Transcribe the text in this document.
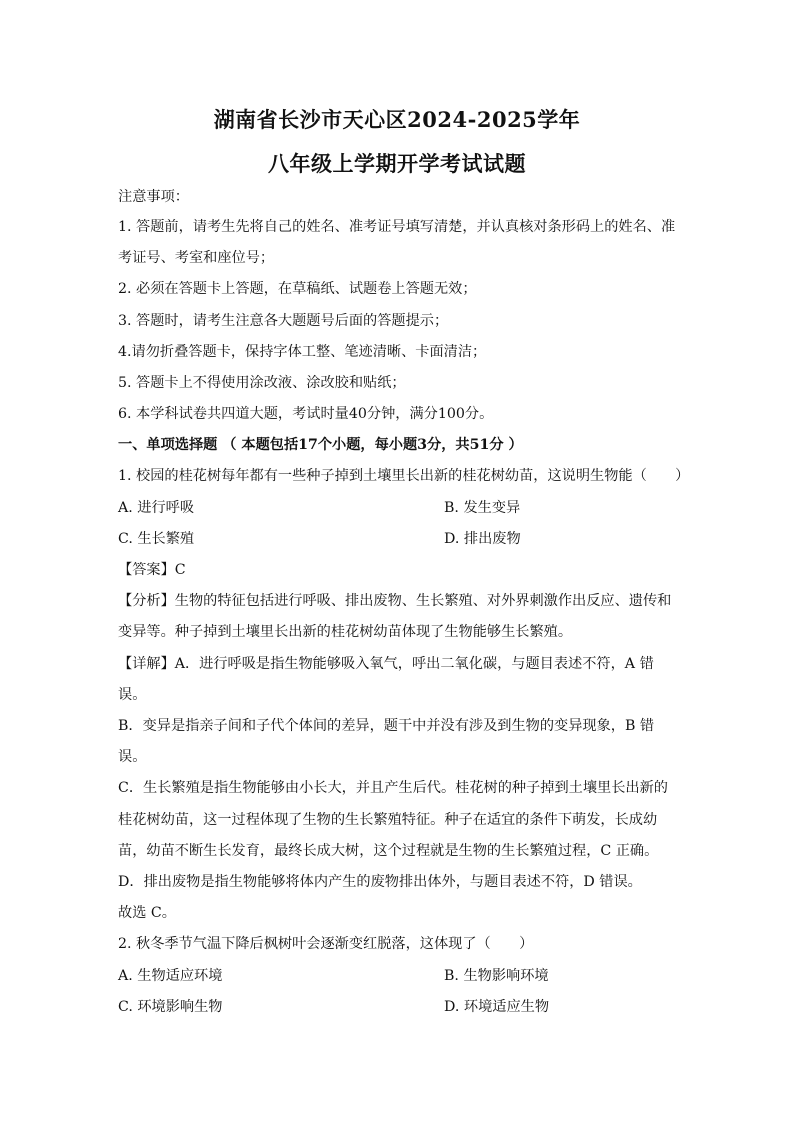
湖南省长沙市天心区2024-2025学年
八年级上学期开学考试试题
注意事项：
1. 答题前，请考生先将自己的姓名、准考证号填写清楚，并认真核对条形码上的姓名、准
考证号、考室和座位号；
2. 必须在答题卡上答题，在草稿纸、试题卷上答题无效；
3. 答题时，请考生注意各大题题号后面的答题提示；
4.请勿折叠答题卡，保持字体工整、笔迹清晰、卡面清洁；
5. 答题卡上不得使用涂改液、涂改胶和贴纸；
6. 本学科试卷共四道大题，考试时量40分钟，满分100分。
一、单项选择题 （ 本题包括17个小题，每小题3分，共51分 ）
1. 校园的桂花树每年都有一些种子掉到土壤里长出新的桂花树幼苗，这说明生物能（　　）
A. 进行呼吸	B. 发生变异
C. 生长繁殖	D. 排出废物
【答案】C
【分析】生物的特征包括进行呼吸、排出废物、生长繁殖、对外界刺激作出反应、遗传和
变异等。种子掉到土壤里长出新的桂花树幼苗体现了生物能够生长繁殖。
【详解】A．进行呼吸是指生物能够吸入氧气，呼出二氧化碳，与题目表述不符，A 错
误。
B．变异是指亲子间和子代个体间的差异，题干中并没有涉及到生物的变异现象，B 错
误。
C．生长繁殖是指生物能够由小长大，并且产生后代。桂花树的种子掉到土壤里长出新的
桂花树幼苗，这一过程体现了生物的生长繁殖特征。种子在适宜的条件下萌发，长成幼
苗，幼苗不断生长发育，最终长成大树，这个过程就是生物的生长繁殖过程，C 正确。
D．排出废物是指生物能够将体内产生的废物排出体外，与题目表述不符，D 错误。
故选 C。
2. 秋冬季节气温下降后枫树叶会逐渐变红脱落，这体现了（　　）
A. 生物适应环境	B. 生物影响环境
C. 环境影响生物	D. 环境适应生物
